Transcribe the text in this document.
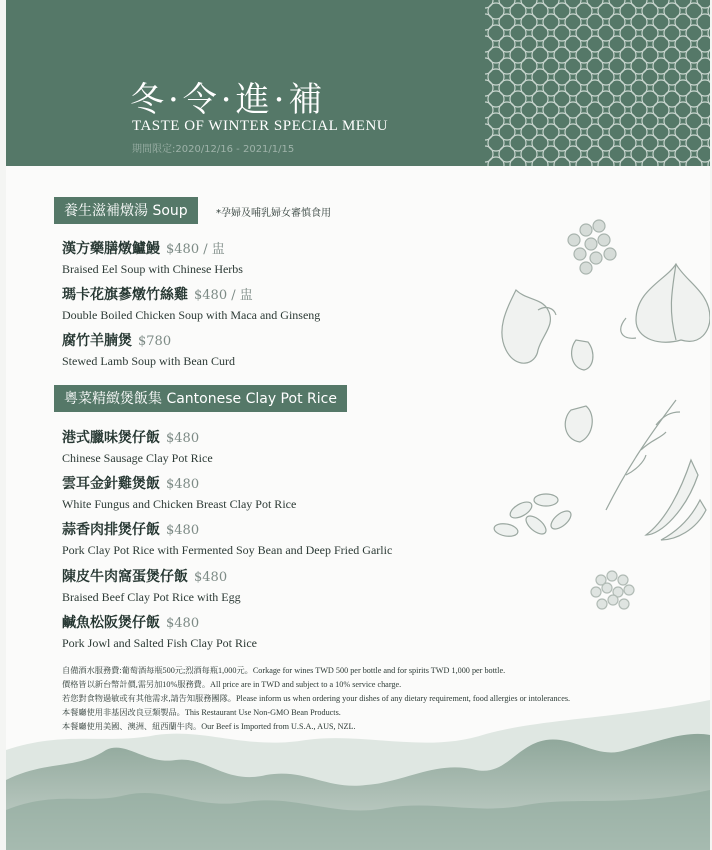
冬·令·進·補
TASTE OF WINTER SPECIAL MENU
期間限定:2020/12/16 - 2021/1/15
養生滋補燉湯 Soup	*孕婦及哺乳婦女審慎食用
漢方藥膳燉鱸鰻 $480 / 盅
Braised Eel Soup with Chinese Herbs
瑪卡花旗蔘燉竹絲雞 $480 / 盅
Double Boiled Chicken Soup with Maca and Ginseng
腐竹羊腩煲 $780
Stewed Lamb Soup with Bean Curd
粵菜精緻煲飯集 Cantonese Clay Pot Rice
港式臘味煲仔飯 $480
Chinese Sausage Clay Pot Rice
雲耳金針雞煲飯 $480
White Fungus and Chicken Breast Clay Pot Rice
蒜香肉排煲仔飯 $480
Pork Clay Pot Rice with Fermented Soy Bean and Deep Fried Garlic
陳皮牛肉窩蛋煲仔飯 $480
Braised Beef Clay Pot Rice with Egg
鹹魚松阪煲仔飯 $480
Pork Jowl and Salted Fish Clay Pot Rice
自備酒水服務費:葡萄酒每瓶500元;烈酒每瓶1,000元。Corkage for wines TWD 500 per bottle and for spirits TWD 1,000 per bottle.
價格皆以新台幣計價,需另加10%服務費。All price are in TWD and subject to a 10% service charge.
若您對食物過敏或有其他需求,請告知服務團隊。Please inform us when ordering your dishes of any dietary requirement, food allergies or intolerances.
本餐廳使用非基因改良豆類製品。This Restaurant Use Non-GMO Bean Products.
本餐廳使用美國、澳洲、紐西蘭牛肉。Our Beef is Imported from U.S.A., AUS, NZL.
